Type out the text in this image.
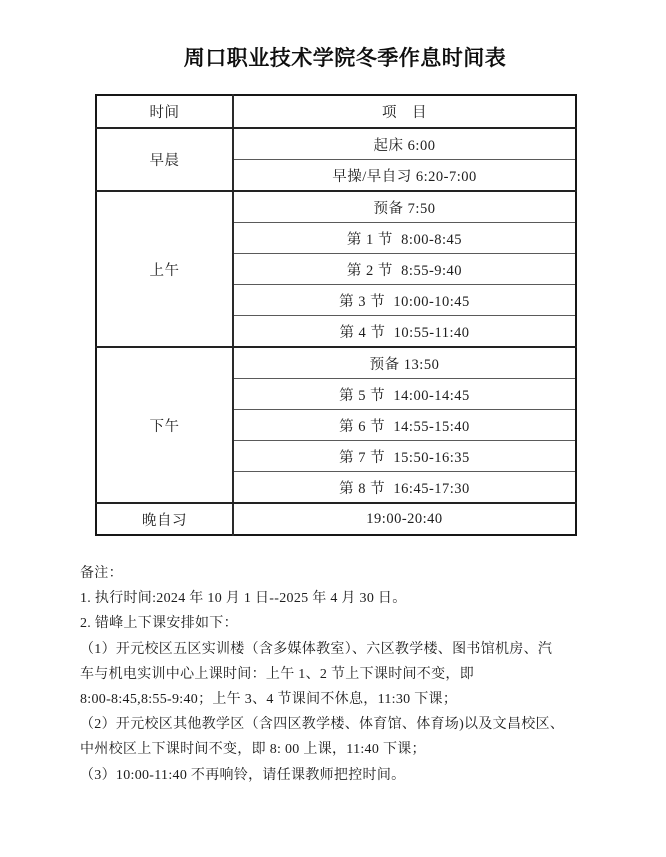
周口职业技术学院冬季作息时间表
时间	项　目
早晨	起床 6:00
	早操/早自习 6:20-7:00
上午	预备 7:50
	第 1 节  8:00-8:45
	第 2 节  8:55-9:40
	第 3 节  10:00-10:45
	第 4 节  10:55-11:40
下午	预备 13:50
	第 5 节  14:00-14:45
	第 6 节  14:55-15:40
	第 7 节  15:50-16:35
	第 8 节  16:45-17:30
晚自习	19:00-20:40

备注：

1. 执行时间:2024 年 10 月 1 日--2025 年 4 月 30 日。

2. 错峰上下课安排如下：

（1）开元校区五区实训楼（含多媒体教室）、六区教学楼、图书馆机房、汽

车与机电实训中心上课时间：上午 1、2 节上下课时间不变，即

8:00-8:45,8:55-9:40；上午 3、4 节课间不休息，11:30 下课；

（2）开元校区其他教学区（含四区教学楼、体育馆、体育场)以及文昌校区、

中州校区上下课时间不变，即 8: 00 上课，11:40 下课；

（3）10:00-11:40 不再响铃，请任课教师把控时间。
